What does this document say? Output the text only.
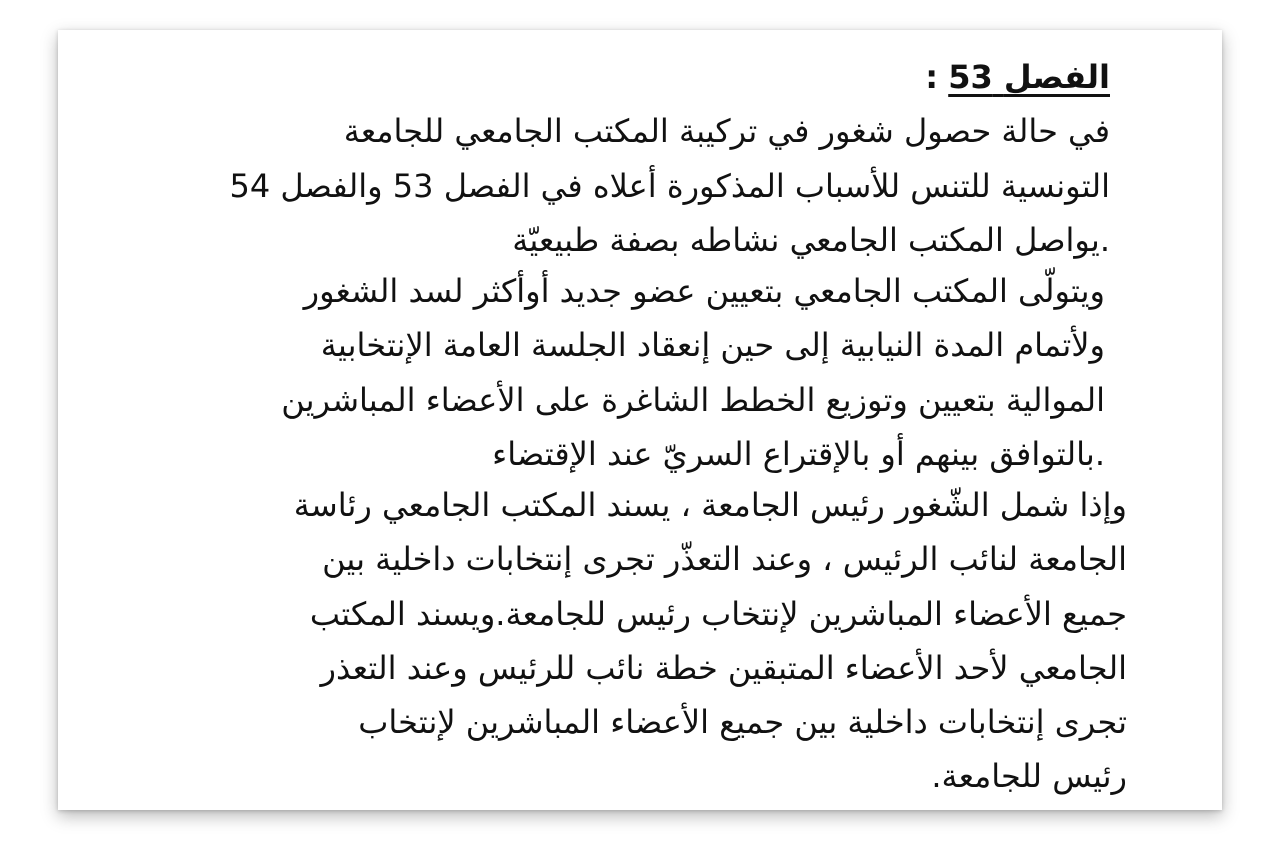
الفصل 53 :
في حالة حصول شغور في تركيبة المكتب الجامعي للجامعة
التونسية للتنس للأسباب المذكورة أعلاه في الفصل 53 والفصل 54
.يواصل المكتب الجامعي نشاطه بصفة طبيعيّة
ويتولّى المكتب الجامعي بتعيين عضو جديد أوأكثر لسد الشغور
ولأتمام المدة النيابية إلى حين إنعقاد الجلسة العامة الإنتخابية
الموالية بتعيين وتوزيع الخطط الشاغرة على الأعضاء المباشرين
.بالتوافق بينهم أو بالإقتراع السريّ عند الإقتضاء
وإذا شمل الشّغور رئيس الجامعة ، يسند المكتب الجامعي رئاسة
الجامعة لنائب الرئيس ، وعند التعذّر تجرى إنتخابات داخلية بين
جميع الأعضاء المباشرين لإنتخاب رئيس للجامعة.ويسند المكتب
الجامعي لأحد الأعضاء المتبقين خطة نائب للرئيس وعند التعذر
تجرى إنتخابات داخلية بين جميع الأعضاء المباشرين لإنتخاب
رئيس للجامعة.
